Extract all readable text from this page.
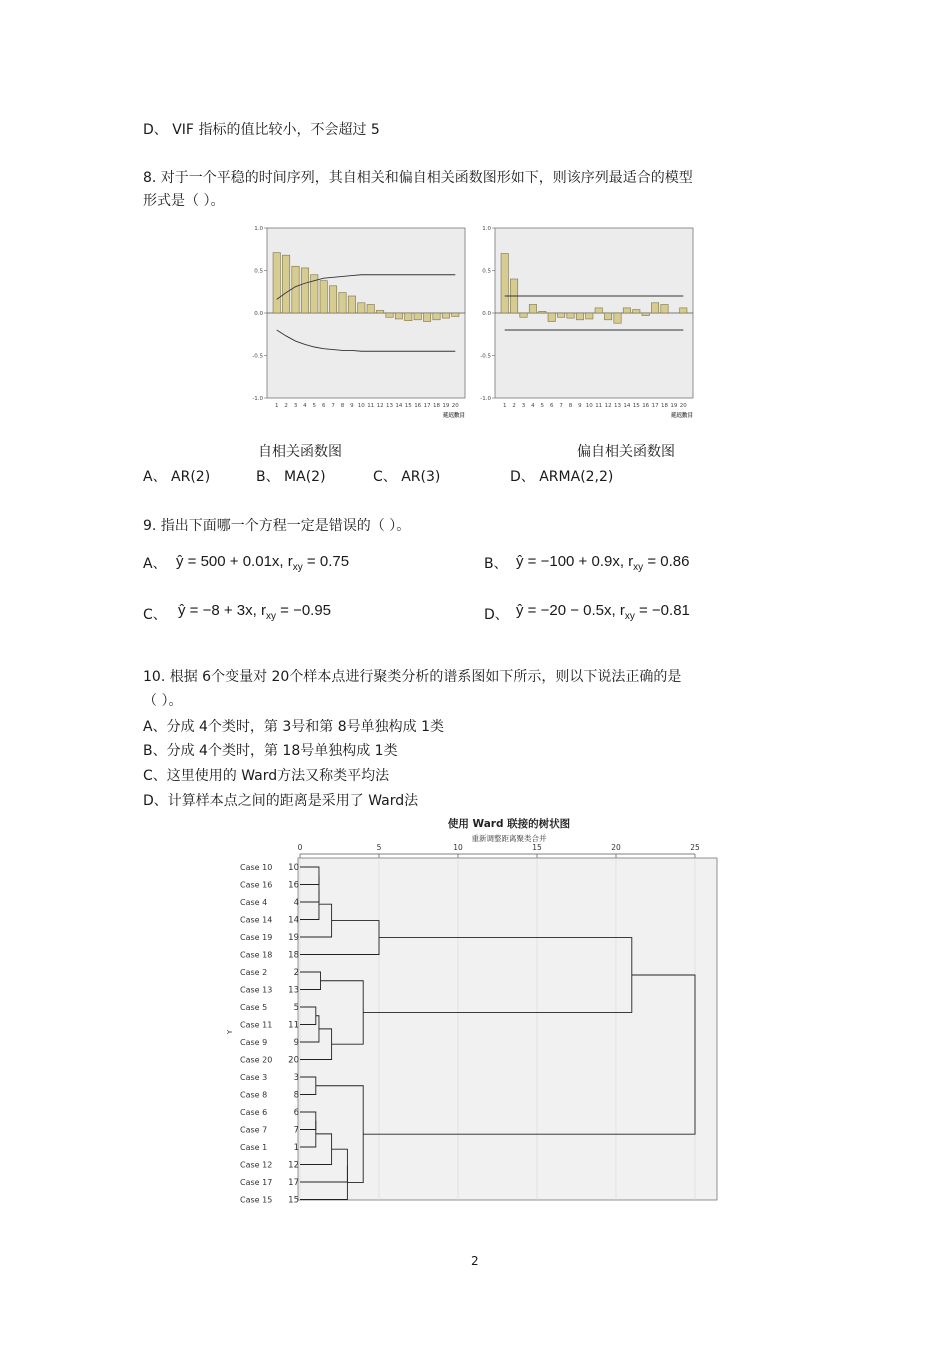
D、 VIF 指标的值比较小，不会超过 5
8. 对于一个平稳的时间序列，其自相关和偏自相关函数图形如下，则该序列最适合的模型
形式是（ ）。
1.0
0.5
0.0
-0.5
-1.0
1 2 3 4 5 6 7 8 9 10 11 12 13 14 15 16 17 18 19 20
延迟数目
1.0
0.5
0.0
-0.5
-1.0
1 2 3 4 5 6 7 8 9 10 11 12 13 14 15 16 17 18 19 20
延迟数目
自相关函数图	偏自相关函数图
A、 AR(2)	B、 MA(2)	C、 AR(3)	D、 ARMA(2,2)
9. 指出下面哪一个方程一定是错误的（ ）。
A、 ŷ = 500 + 0.01x, $r_{xy} = 0.75$	B、 ŷ = −100 + 0.9x, $r_{xy} = 0.86$
C、 ŷ = −8 + 3x, $r_{xy} = -0.95$	D、 ŷ = −20 − 0.5x, $r_{xy} = -0.81$
10. 根据 6个变量对 20个样本点进行聚类分析的谱系图如下所示，则以下说法正确的是
（ ）。
A、分成 4个类时，第 3号和第 8号单独构成 1类
B、分成 4个类时，第 18号单独构成 1类
C、这里使用的 Ward方法又称类平均法
D、计算样本点之间的距离是采用了 Ward法
使用 Ward 联接的树状图
重新调整距离聚类合并
0	5	10	15	20	25
Case 10 10
Case 16 16
Case 4	4
Case 14 14
Case 19 19
Case 18 18
Case 2	2
Case 13 13
Case 5	5
Case 11 11
Case 9	9
Case 20 20
Case 3	3
Case 8	8
Case 6	6
Case 7	7
Case 1	1
Case 12 12
Case 17 17
Case 15 15
Y
2
